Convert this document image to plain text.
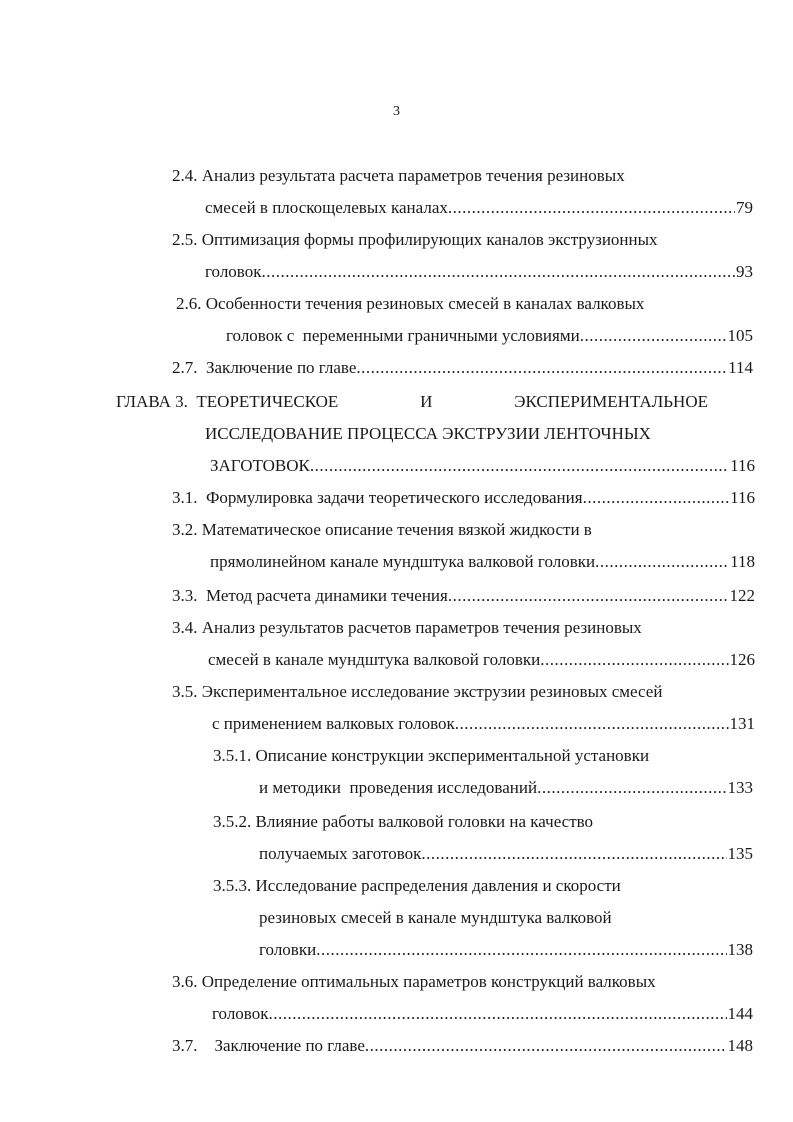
3
2.4. Анализ результата расчета параметров течения резиновых
смесей в плоскощелевых каналах .....	79
2.5. Оптимизация формы профилирующих каналов экструзионных
головок .....	93
2.6. Особенности течения резиновых смесей в каналах валковых
головок с  переменными граничными условиями .....	105
2.7.  Заключение по главе .....	114
ГЛАВА 3.  ТЕОРЕТИЧЕСКОЕ	И	ЭКСПЕРИМЕНТАЛЬНОЕ
ИССЛЕДОВАНИЕ ПРОЦЕССА ЭКСТРУЗИИ ЛЕНТОЧНЫХ
ЗАГОТОВОК .....	116
3.1.  Формулировка задачи теоретического исследования .....	116
3.2. Математическое описание течения вязкой жидкости в
прямолинейном канале мундштука валковой головки .....	118
3.3.  Метод расчета динамики течения .....	122
3.4. Анализ результатов расчетов параметров течения резиновых
смесей в канале мундштука валковой головки .....	126
3.5. Экспериментальное исследование экструзии резиновых смесей
с применением валковых головок .....	131
3.5.1. Описание конструкции экспериментальной установки
и методики  проведения исследований .....	133
3.5.2. Влияние работы валковой головки на качество
получаемых заготовок .....	135
3.5.3. Исследование распределения давления и скорости
резиновых смесей в канале мундштука валковой
головки .....	138
3.6. Определение оптимальных параметров конструкций валковых
головок .....	144
3.7.    Заключение по главе .....	148
